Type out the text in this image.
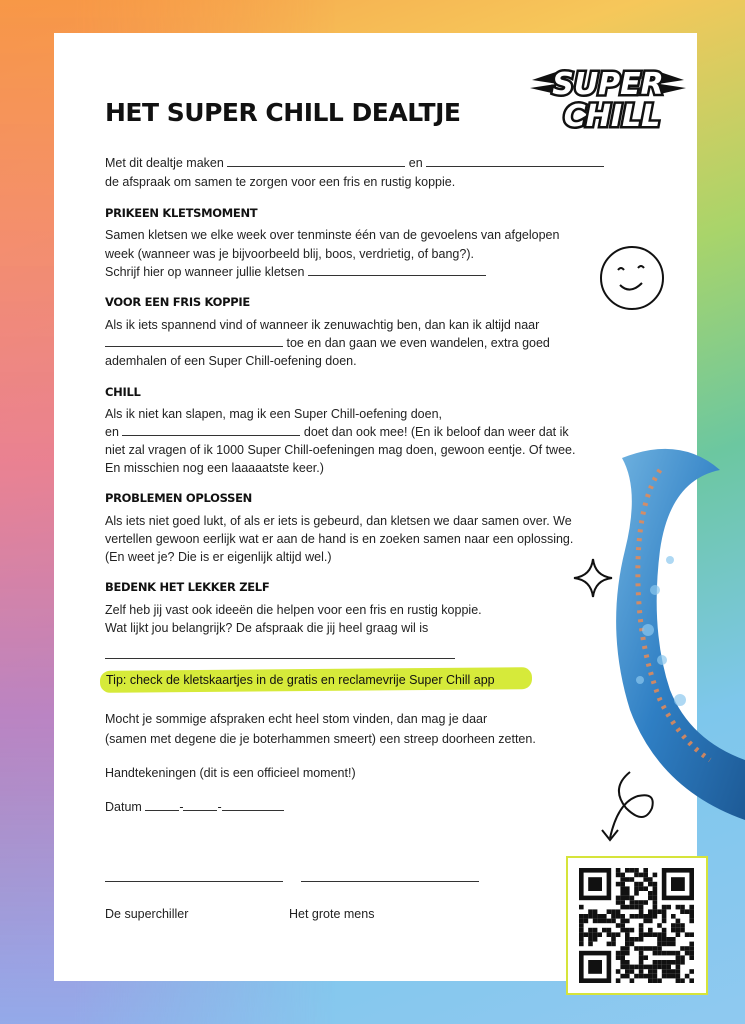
SUPER
CHILL
HET SUPER CHILL DEALTJE
Met dit dealtje maken	en
de afspraak om samen te zorgen voor een fris en rustig koppie.
PRIKEEN KLETSMOMENT
Samen kletsen we elke week over tenminste één van de gevoelens van afgelopen
week (wanneer was je bijvoorbeeld blij, boos, verdrietig, of bang?).
Schrijf hier op wanneer jullie kletsen
VOOR EEN FRIS KOPPIE
Als ik iets spannend vind of wanneer ik zenuwachtig ben, dan kan ik altijd naar
toe en dan gaan we even wandelen, extra goed
ademhalen of een Super Chill-oefening doen.
CHILL
Als ik niet kan slapen, mag ik een Super Chill-oefening doen,
en	doet dan ook mee! (En ik beloof dan weer dat ik
niet zal vragen of ik 1000 Super Chill-oefeningen mag doen, gewoon eentje. Of twee.
En misschien nog een laaaaatste keer.)
PROBLEMEN OPLOSSEN
Als iets niet goed lukt, of als er iets is gebeurd, dan kletsen we daar samen over. We
vertellen gewoon eerlijk wat er aan de hand is en zoeken samen naar een oplossing.
(En weet je? Die is er eigenlijk altijd wel.)
BEDENK HET LEKKER ZELF
Zelf heb jij vast ook ideeën die helpen voor een fris en rustig koppie.
Wat lijkt jou belangrijk? De afspraak die jij heel graag wil is
Tip: check de kletskaartjes in de gratis en reclamevrije Super Chill app
Mocht je sommige afspraken echt heel stom vinden, dan mag je daar
(samen met degene die je boterhammen smeert) een streep doorheen zetten.
Handtekeningen (dit is een officieel moment!)
Datum	-	-
De superchiller	Het grote mens
